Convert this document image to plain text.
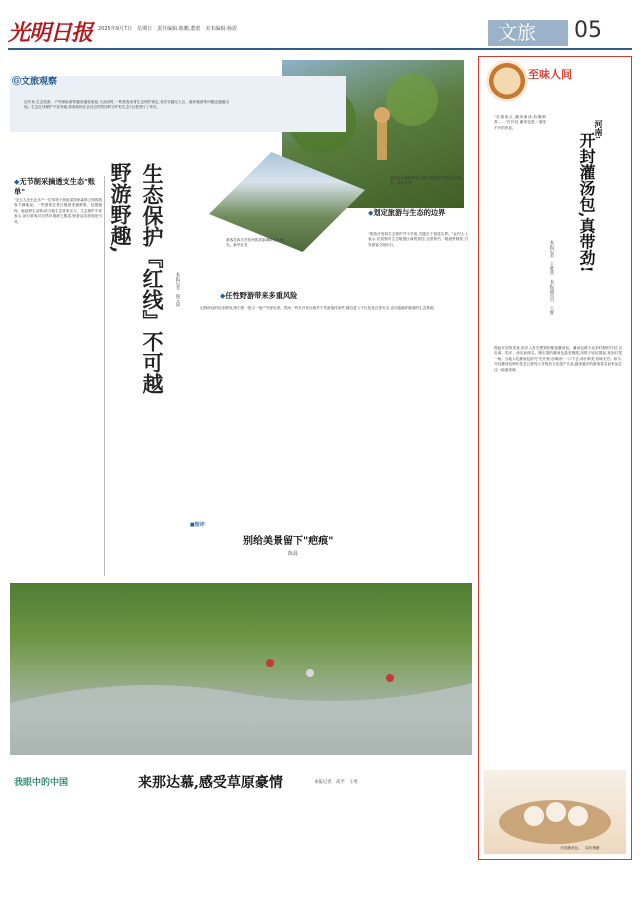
光明日报	2025年9月7日　星期日　责任编辑:陈鹏,董蕾　美术编辑:杨震	文旅	05
游客在云南梅里雪山脚下的森林中体验徒步游乐。新华社发
Ⓖ文旅观察
近年来,生态旅游、户外探险游等越来越受欢迎,与此同时,一些游客违背生态保护规定,非法穿越无人区、破坏植被等问题也屡屡出现。生态红线保护不容突破,游客如何在亲近自然的同时守护好生态?记者进行了采访。
游客在四川甘孜州的高原湖畔徒步观光。新华社发
野游野趣, 生态保护『红线』不可越 本报记者　鲁元珍
◆无节制采摘透支生态"账单"
"怎么人比虫还多?"一位带孩子游览某国家森林公园的游客不满地说。一些游客在景区随意采摘野果、挖掘植物、驱赶野生动物,给当地生态带来压力。生态保护专家表示,部分游客对自然环境缺乏敬畏,野游活动需规范引导。
◆任性野游带来多重风险
山野深处的徒步路线,吸引着一批又一批户外爱好者。然而一些未开发区域并不具备接待条件,擅自进入不仅危及自身安全,也可能破坏脆弱的生态系统。
◆划定旅游与生态的边界
"旅游开发和生态保护并不矛盾,关键在于划清边界。"业内人士表示,应加强对生态敏感区域的管控,完善预约、限流等制度,引导游客文明出行。
■短评
别给美景留下"疤痕"
陈晨
我眼中的中国	来那达慕,感受草原豪情	本报记者　高平　王勇
至味人间
河南:
开封灌汤包,真带劲!
本报记者　王胜昔　本报通讯员　王辉
"皮薄馅大,灌汤流油,软嫩鲜香……"在开封,灌汤包是一道绕不开的美食。
提起开封的美食,很多人首先想到的便是灌汤包。灌汤包源于北宋时期的开封,以皮薄、馅多、汤足而闻名。刚出笼的灌汤包晶莹剔透,用筷子轻轻提起,犹如灯笼一般。当地人吃灌汤包讲究"先开窗,后喝汤",一口下去,汤汁鲜美,回味无穷。如今,开封灌汤包制作技艺已被列入非物质文化遗产名录,越来越多的游客慕名而来品尝这一地道美味。
开封灌汤包。　周东梅摄
